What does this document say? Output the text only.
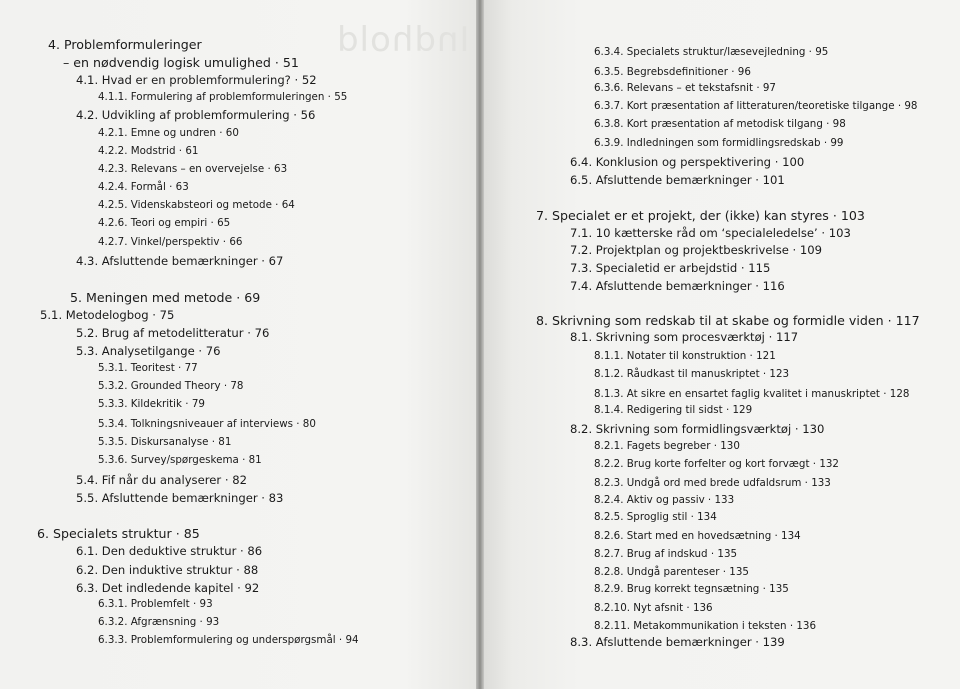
Indhold
4. Problemformuleringer
– en nødvendig logisk umulighed · 51
4.1. Hvad er en problemformulering? · 52
4.1.1. Formulering af problemformuleringen · 55
4.2. Udvikling af problemformulering · 56
4.2.1. Emne og undren · 60
4.2.2. Modstrid · 61
4.2.3. Relevans – en overvejelse · 63
4.2.4. Formål · 63
4.2.5. Videnskabsteori og metode · 64
4.2.6. Teori og empiri · 65
4.2.7. Vinkel/perspektiv · 66
4.3. Afsluttende bemærkninger · 67
5. Meningen med metode · 69
5.1. Metodelogbog · 75
5.2. Brug af metodelitteratur · 76
5.3. Analysetilgange · 76
5.3.1. Teoritest · 77
5.3.2. Grounded Theory · 78
5.3.3. Kildekritik · 79
5.3.4. Tolkningsniveauer af interviews · 80
5.3.5. Diskursanalyse · 81
5.3.6. Survey/spørgeskema · 81
5.4. Fif når du analyserer · 82
5.5. Afsluttende bemærkninger · 83
6. Specialets struktur · 85
6.1. Den deduktive struktur · 86
6.2. Den induktive struktur · 88
6.3. Det indledende kapitel · 92
6.3.1. Problemfelt · 93
6.3.2. Afgrænsning · 93
6.3.3. Problemformulering og underspørgsmål · 94
6.3.4. Specialets struktur/læsevejledning · 95
6.3.5. Begrebsdefinitioner · 96
6.3.6. Relevans – et tekstafsnit · 97
6.3.7. Kort præsentation af litteraturen/teoretiske tilgange · 98
6.3.8. Kort præsentation af metodisk tilgang · 98
6.3.9. Indledningen som formidlingsredskab · 99
6.4. Konklusion og perspektivering · 100
6.5. Afsluttende bemærkninger · 101
7. Specialet er et projekt, der (ikke) kan styres · 103
7.1. 10 kætterske råd om ‘specialeledelse’ · 103
7.2. Projektplan og projektbeskrivelse · 109
7.3. Specialetid er arbejdstid · 115
7.4. Afsluttende bemærkninger · 116
8. Skrivning som redskab til at skabe og formidle viden · 117
8.1. Skrivning som procesværktøj · 117
8.1.1. Notater til konstruktion · 121
8.1.2. Råudkast til manuskriptet · 123
8.1.3. At sikre en ensartet faglig kvalitet i manuskriptet · 128
8.1.4. Redigering til sidst · 129
8.2. Skrivning som formidlingsværktøj · 130
8.2.1. Fagets begreber · 130
8.2.2. Brug korte forfelter og kort forvægt · 132
8.2.3. Undgå ord med brede udfaldsrum · 133
8.2.4. Aktiv og passiv · 133
8.2.5. Sproglig stil · 134
8.2.6. Start med en hovedsætning · 134
8.2.7. Brug af indskud · 135
8.2.8. Undgå parenteser · 135
8.2.9. Brug korrekt tegnsætning · 135
8.2.10. Nyt afsnit · 136
8.2.11. Metakommunikation i teksten · 136
8.3. Afsluttende bemærkninger · 139
